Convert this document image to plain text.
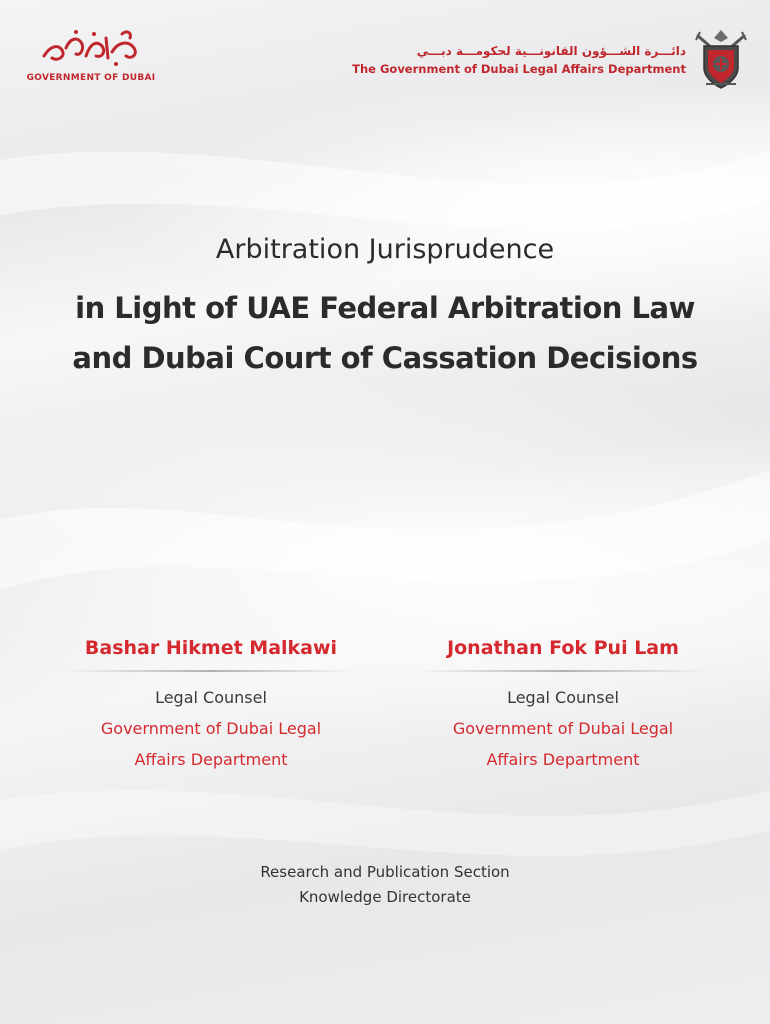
GOVERNMENT OF DUBAI
دائـــرة الشـــؤون القانونـــية لحكومـــة دبـــي
The Government of Dubai Legal Affairs Department
Arbitration Jurisprudence
in Light of UAE Federal Arbitration Law
and Dubai Court of Cassation Decisions
Bashar Hikmet Malkawi
Legal Counsel
Government of Dubai Legal
Affairs Department
Jonathan Fok Pui Lam
Legal Counsel
Government of Dubai Legal
Affairs Department
Research and Publication Section
Knowledge Directorate
